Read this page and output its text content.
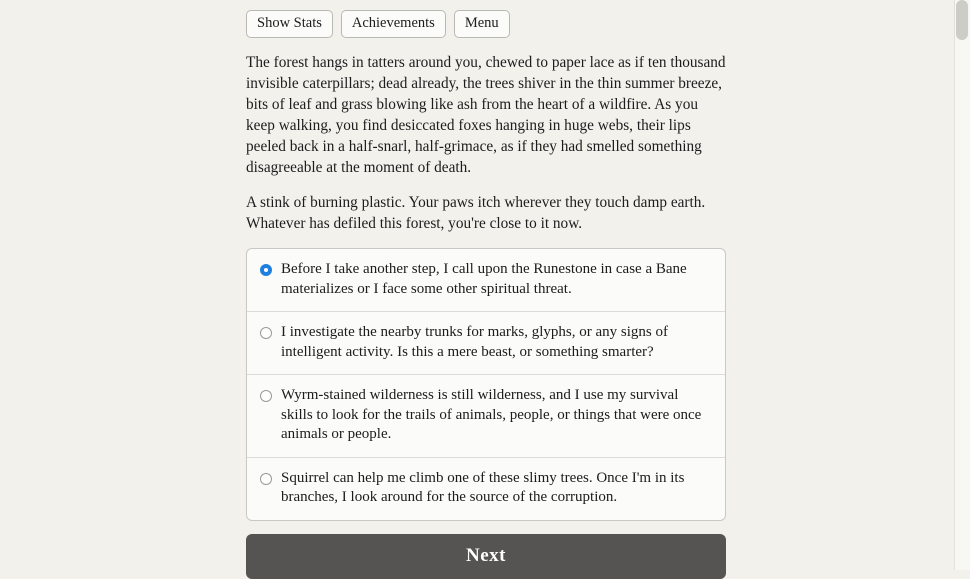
Show Stats	Achievements	Menu

The forest hangs in tatters around you, chewed to paper lace as if ten thousand invisible caterpillars; dead already, the trees shiver in the thin summer breeze, bits of leaf and grass blowing like ash from the heart of a wildfire. As you keep walking, you find desiccated foxes hanging in huge webs, their lips peeled back in a half-snarl, half-grimace, as if they had smelled something disagreeable at the moment of death.

A stink of burning plastic. Your paws itch wherever they touch damp earth. Whatever has defiled this forest, you're close to it now.

Before I take another step, I call upon the Runestone in case a Bane materializes or I face some other spiritual threat.
I investigate the nearby trunks for marks, glyphs, or any signs of intelligent activity. Is this a mere beast, or something smarter?
Wyrm-stained wilderness is still wilderness, and I use my survival skills to look for the trails of animals, people, or things that were once animals or people.
Squirrel can help me climb one of these slimy trees. Once I'm in its branches, I look around for the source of the corruption.
Next
